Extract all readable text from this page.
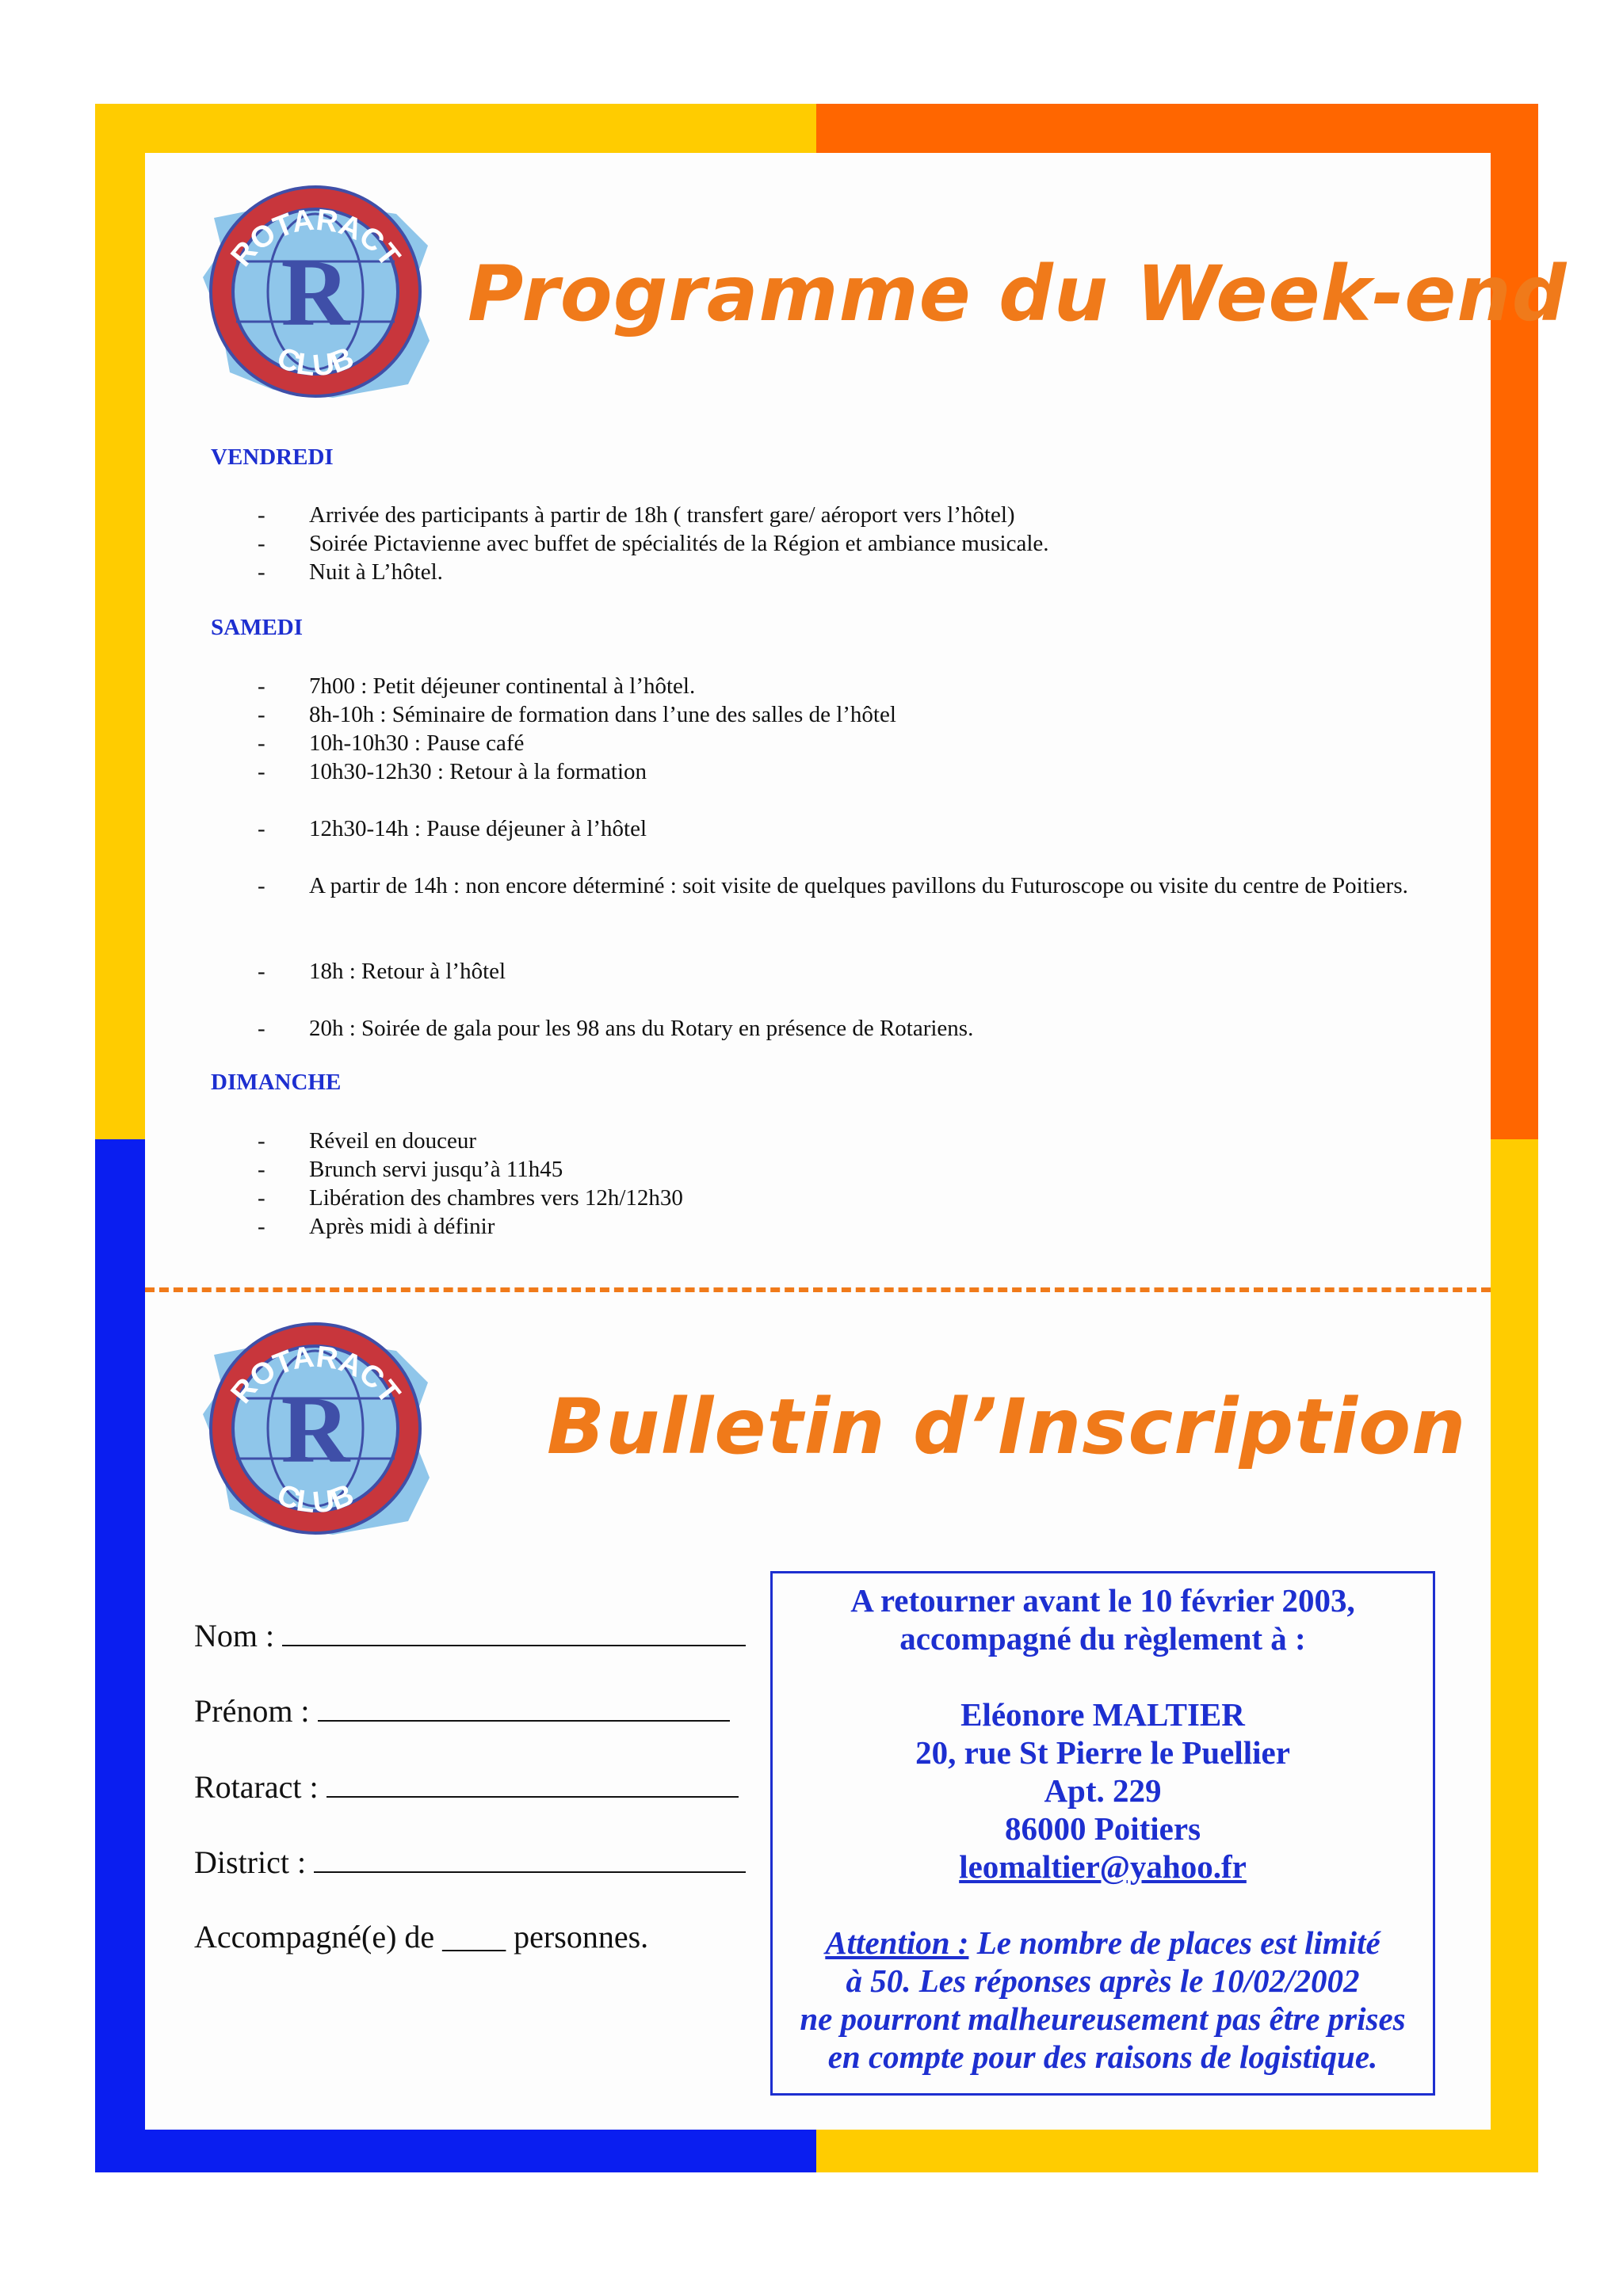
R
ROTARACT
CLUB
Programme du Week-end

VENDREDI

- Arrivée des participants à partir de 18h ( transfert gare/ aéroport vers l’hôtel)
- Soirée Pictavienne avec buffet de spécialités de la Région et ambiance musicale.
- Nuit à L’hôtel.

SAMEDI

- 7h00 : Petit déjeuner continental à l’hôtel.
- 8h-10h : Séminaire de formation dans l’une des salles de l’hôtel
- 10h-10h30 : Pause café
- 10h30-12h30 : Retour à la formation
- 12h30-14h : Pause déjeuner à l’hôtel
- A partir de 14h : non encore déterminé : soit visite de quelques pavillons du Futuroscope ou visite du centre de Poitiers.
- 18h : Retour à l’hôtel
- 20h : Soirée de gala pour les 98 ans du Rotary en présence de Rotariens.

DIMANCHE

- Réveil en douceur
- Brunch servi jusqu’à 11h45
- Libération des chambres vers 12h/12h30
- Après midi à définir
R
ROTARACT
CLUB
Bulletin d’Inscription
Nom :
Prénom :
Rotaract :
District :
Accompagné(e) de ____ personnes.

A retourner avant le 10 février 2003,

accompagné du règlement à :

Eléonore MALTIER

20, rue St Pierre le Puellier

Apt. 229

86000 Poitiers

leomaltier@yahoo.fr

Attention : Le nombre de places est limité

à 50. Les réponses après le 10/02/2002

ne pourront malheureusement pas être prises

en compte pour des raisons de logistique.
